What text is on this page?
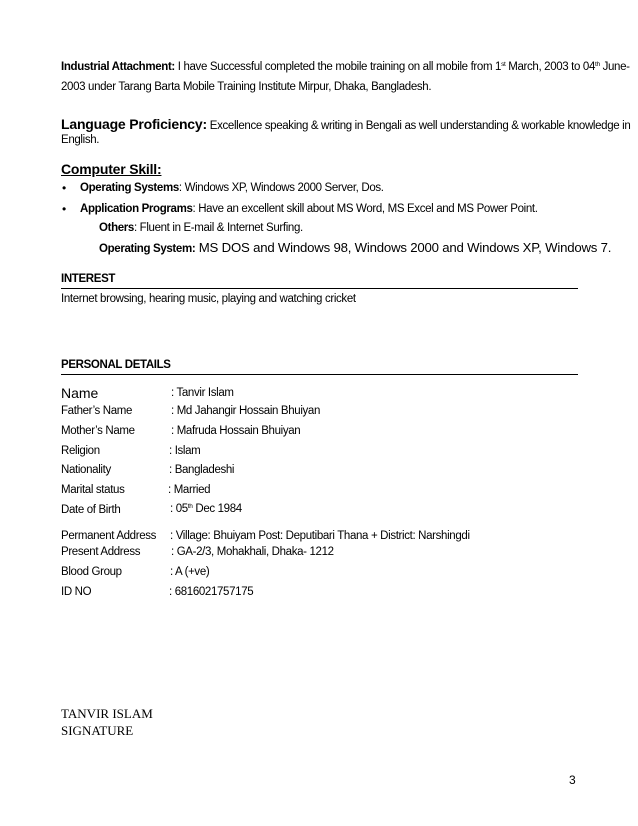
Industrial Attachment: I have Successful completed the mobile training on all mobile from 1st March, 2003 to 04th June-
2003 under Tarang Barta Mobile Training Institute Mirpur, Dhaka, Bangladesh.
Language Proficiency: Excellence speaking & writing in Bengali as well understanding & workable knowledge in
English.
Computer Skill:
• Operating Systems: Windows XP, Windows 2000 Server, Dos.
• Application Programs: Have an excellent skill about MS Word, MS Excel and MS Power Point.
Others: Fluent in E-mail & Internet Surfing.
Operating System: MS DOS and Windows 98, Windows 2000 and Windows XP, Windows 7.
INTEREST
Internet browsing, hearing music, playing and watching cricket
PERSONAL DETAILS
Name	: Tanvir Islam
Father’s Name	: Md Jahangir Hossain Bhuiyan
Mother’s Name	: Mafruda Hossain Bhuiyan
Religion	: Islam
Nationality	: Bangladeshi
Marital status	: Married
Date of Birth	: 05th Dec 1984
Permanent Address : Village: Bhuiyam Post: Deputibari Thana + District: Narshingdi
Present Address	: GA-2/3, Mohakhali, Dhaka- 1212
Blood Group	: A (+ve)
ID NO	: 6816021757175
TANVIR ISLAM
SIGNATURE
3
